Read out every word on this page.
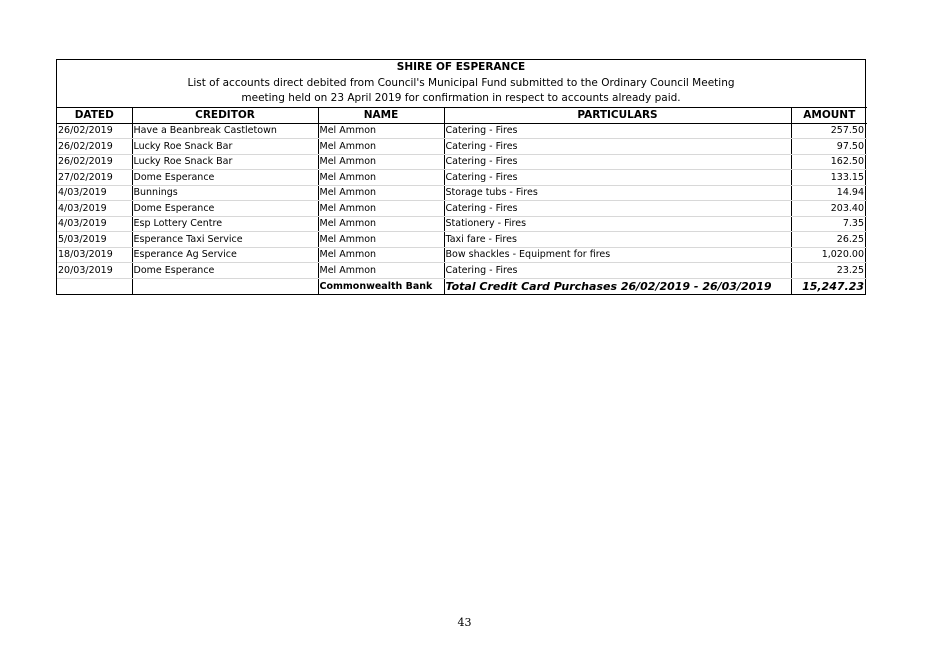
SHIRE OF ESPERANCE
List of accounts direct debited from Council's Municipal Fund submitted to the Ordinary Council Meeting
meeting held on 23 April 2019 for confirmation in respect to accounts already paid.
DATED	CREDITOR	NAME	PARTICULARS	AMOUNT
26/02/2019	Have a Beanbreak Castletown	Mel Ammon	Catering - Fires	257.50
26/02/2019	Lucky Roe Snack Bar	Mel Ammon	Catering - Fires	97.50
26/02/2019	Lucky Roe Snack Bar	Mel Ammon	Catering - Fires	162.50
27/02/2019	Dome Esperance	Mel Ammon	Catering - Fires	133.15
4/03/2019	Bunnings	Mel Ammon	Storage tubs - Fires	14.94
4/03/2019	Dome Esperance	Mel Ammon	Catering - Fires	203.40
4/03/2019	Esp Lottery Centre	Mel Ammon	Stationery - Fires	7.35
5/03/2019	Esperance Taxi Service	Mel Ammon	Taxi fare - Fires	26.25
18/03/2019	Esperance Ag Service	Mel Ammon	Bow shackles - Equipment for fires	1,020.00
20/03/2019	Dome Esperance	Mel Ammon	Catering - Fires	23.25
		Commonwealth Bank	Total Credit Card Purchases 26/02/2019 - 26/03/2019	15,247.23
43
